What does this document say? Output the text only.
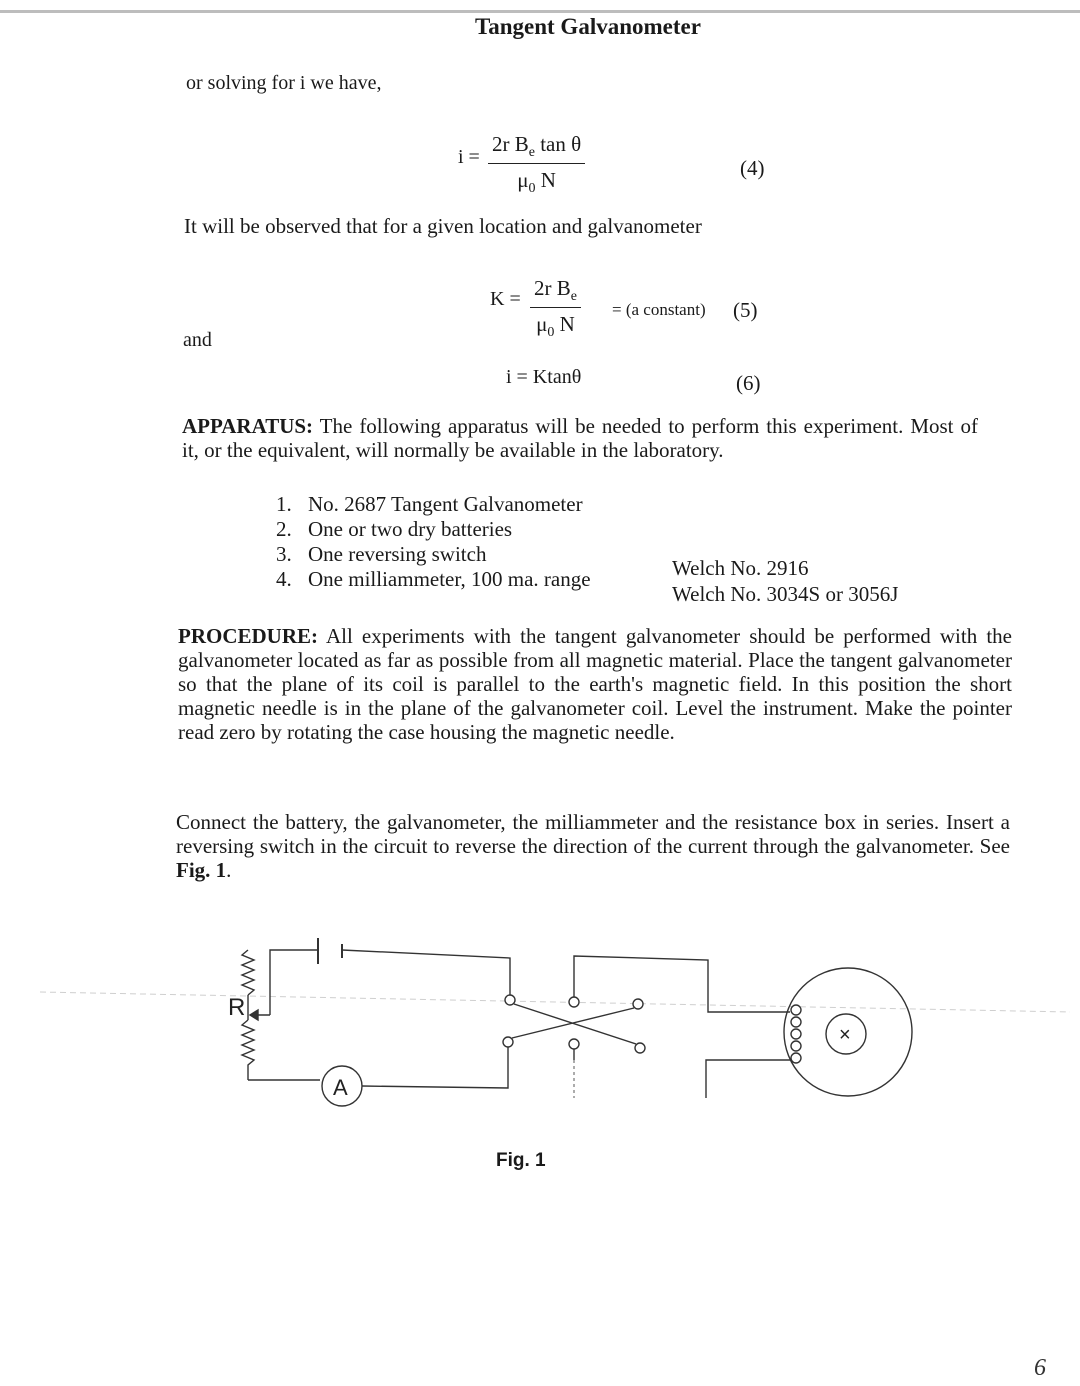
Tangent Galvanometer
or solving for i we have,
$i = \frac{2r B_e \tan \theta}{\mu_0 N}$	(4)
It will be observed that for a given location and galvanometer
$K = \frac{2r B_e}{\mu_0 N} = (a$ constant) (5)
and
i = Ktanθ	(6)
APPARATUS: The following apparatus will be needed to perform this experiment. Most of it, or the equivalent, will normally be available in the laboratory.
1. No. 2687 Tangent Galvanometer
2. One or two dry batteries
3. One reversing switch
4. One milliammeter, 100 ma. range	Welch No. 2916
Welch No. 3034S or 3056J
PROCEDURE: All experiments with the tangent galvanometer should be performed with the galvanometer located as far as possible from all magnetic material. Place the tangent galvanometer so that the plane of its coil is parallel to the earth's magnetic field. In this position the short magnetic needle is in the plane of the galvanometer coil. Level the instrument. Make the pointer read zero by rotating the case housing the magnetic needle.
Connect the battery, the galvanometer, the milliammeter and the resistance box in series. Insert a reversing switch in the circuit to reverse the direction of the current through the galvanometer. See Fig. 1.
R
A
×
Fig. 1
6
